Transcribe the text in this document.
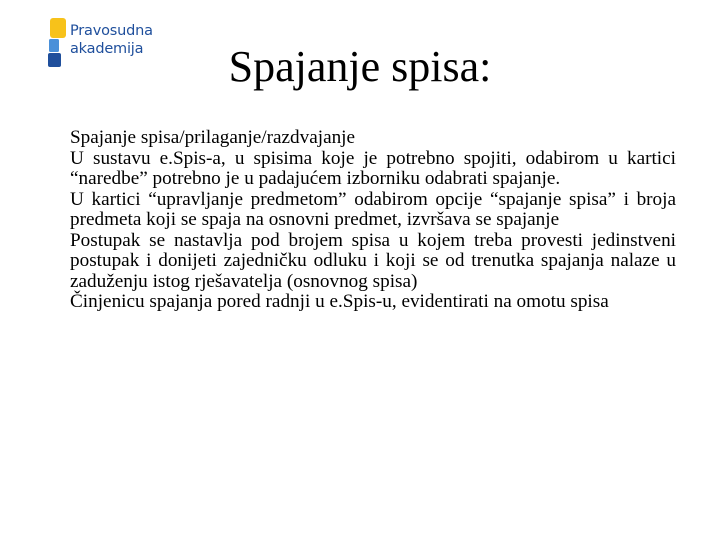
Pravosudna
akademija	Spajanje spisa:

Spajanje spisa/prilaganje/razdvajanje

U sustavu e.Spis-a, u spisima koje je potrebno spojiti, odabirom u kartici “naredbe” potrebno je u padajućem izborniku odabrati spajanje.

U kartici “upravljanje predmetom” odabirom opcije “spajanje spisa” i broja predmeta koji se spaja na osnovni predmet, izvršava se spajanje

Postupak se nastavlja pod brojem spisa u kojem treba provesti jedinstveni postupak i donijeti zajedničku odluku i koji se od trenutka spajanja nalaze u zaduženju istog rješavatelja (osnovnog spisa)

Činjenicu spajanja pored radnji u e.Spis-u, evidentirati na omotu spisa
